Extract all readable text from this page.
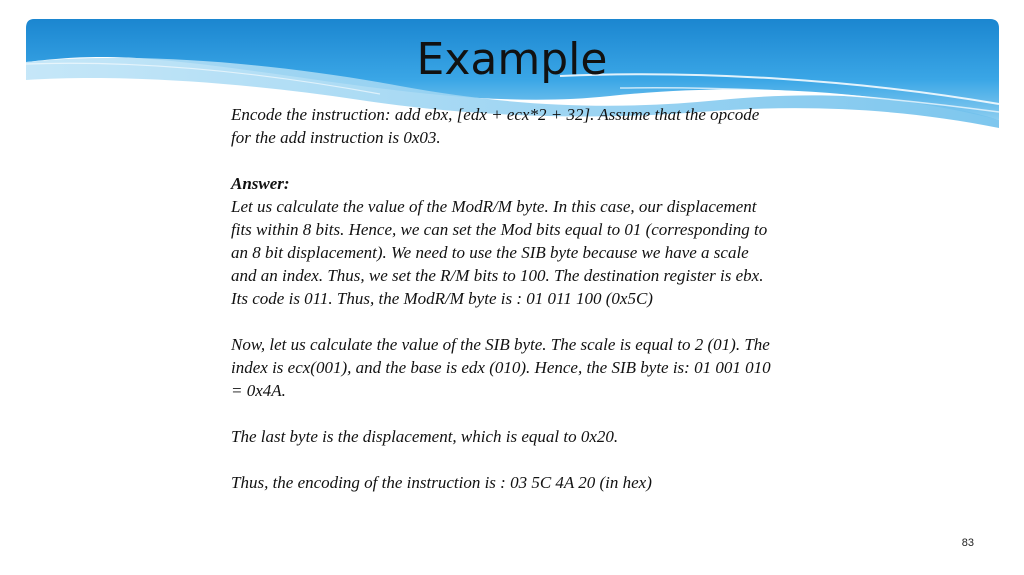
Example

Encode the instruction: add ebx, [edx + ecx*2 + 32]. Assume that the opcode

for the add instruction is 0x03.

Answer:

Let us calculate the value of the ModR/M byte. In this case, our displacement

fits within 8 bits. Hence, we can set the Mod bits equal to 01 (corresponding to

an 8 bit displacement). We need to use the SIB byte because we have a scale

and an index. Thus, we set the R/M bits to 100. The destination register is ebx.

Its code is 011. Thus, the ModR/M byte is : 01 011 100 (0x5C)

Now, let us calculate the value of the SIB byte. The scale is equal to 2 (01). The

index is ecx(001), and the base is edx (010). Hence, the SIB byte is: 01 001 010

= 0x4A.

The last byte is the displacement, which is equal to 0x20.

Thus, the encoding of the instruction is : 03 5C 4A 20 (in hex)

83
